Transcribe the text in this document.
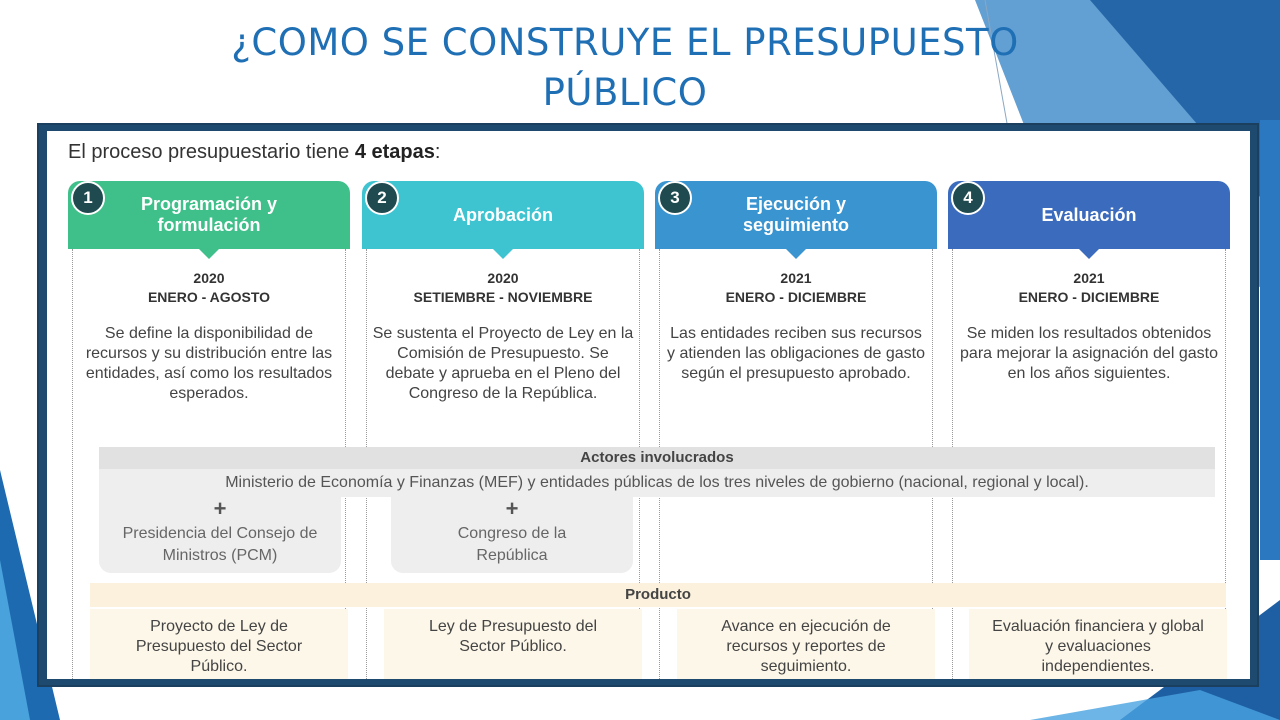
¿COMO SE CONSTRUYE EL PRESUPUESTO PÚBLICO
El proceso presupuestario tiene 4 etapas:
Programación y formulación
1
2020
ENERO - AGOSTO
Se define la disponibilidad de recursos y su distribución entre las entidades, así como los resultados esperados.
Aprobación
2
2020
SETIEMBRE - NOVIEMBRE
Se sustenta el Proyecto de Ley en la Comisión de Presupuesto. Se debate y aprueba en el Pleno del Congreso de la República.
Ejecución y seguimiento
3
2021
ENERO - DICIEMBRE
Las entidades reciben sus recursos y atienden las obligaciones de gasto según el presupuesto aprobado.
Evaluación
4
2021
ENERO - DICIEMBRE
Se miden los resultados obtenidos para mejorar la asignación del gasto en los años siguientes.
Actores involucrados
Ministerio de Economía y Finanzas (MEF) y entidades públicas de los tres niveles de gobierno (nacional, regional y local).
+
Presidencia del Consejo de Ministros (PCM)
+
Congreso de la República
Producto
Proyecto de Ley de Presupuesto del Sector Público.
Ley de Presupuesto del Sector Público.
Avance en ejecución de recursos y reportes de seguimiento.
Evaluación financiera y global y evaluaciones independientes.
